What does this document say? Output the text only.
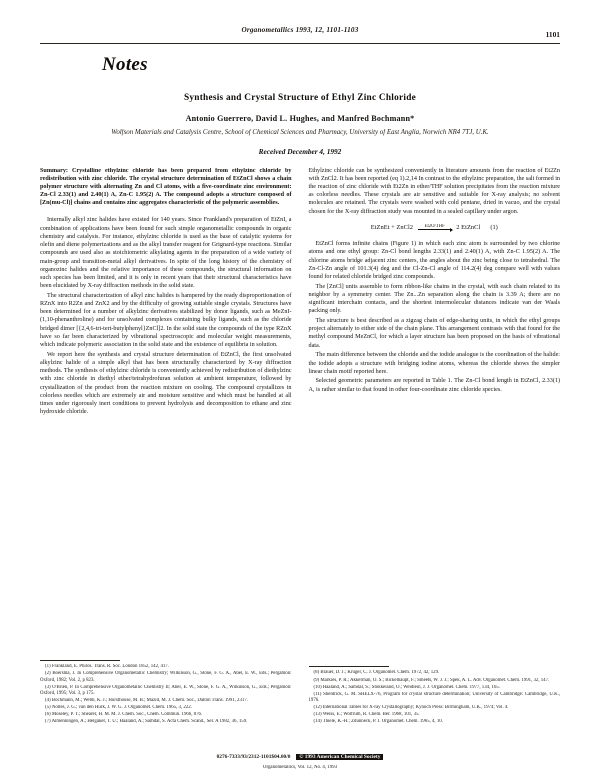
Organometallics 1993, 12, 1101-1103	1101
Notes
Synthesis and Crystal Structure of Ethyl Zinc Chloride
Antonio Guerrero, David L. Hughes, and Manfred Bochmann*
Wolfson Materials and Catalysis Centre, School of Chemical Sciences and Pharmacy, University of East Anglia, Norwich NR4 7TJ, U.K.
Received December 4, 1992
Summary: Crystalline ethylzinc chloride has been prepared from ethylzinc chloride by redistribution with zinc chloride. The crystal structure determination of EtZnCl shows a chain polymer structure with alternating Zn and Cl atoms, with a five-coordinate zinc environment: Zn-Cl 2.33(1) and 2.40(1) A, Zn-C 1.95(2) A. The compound adopts a structure composed of [Zn(mu-Cl)] chains and contains zinc aggregates characteristic of the polymeric assemblies.

Internally alkyl zinc halides have existed for 140 years. Since Frankland's preparation of EtZnI, a combination of applications have been found for such simple organometallic compounds in organic chemistry and catalysis. For instance, ethylzinc chloride is used as the base of catalytic systems for olefin and diene polymerizations and as the alkyl transfer reagent for Grignard-type reactions. Similar compounds are used also as stoichiometric alkylating agents in the preparation of a wide variety of main-group and transition-metal alkyl derivatives. In spite of the long history of the chemistry of organozinc halides and the relative importance of these compounds, the structural information on such species has been limited, and it is only in recent years that their structural characteristics have been elucidated by X-ray diffraction methods in the solid state.

The structural characterization of alkyl zinc halides is hampered by the ready disproportionation of RZnX into R2Zn and ZnX2 and by the difficulty of growing suitable single crystals. Structures have been determined for a number of alkylzinc derivatives stabilized by donor ligands, such as MeZnI-(1,10-phenanthroline) and for unsolvated complexes containing bulky ligands, such as the chloride bridged dimer [{2,4,6-tri-tert-butylphenyl}ZnCl]2. In the solid state the compounds of the type RZnX have so far been characterized by vibrational spectroscopic and molecular weight measurements, which indicate polymeric association in the solid state and the existence of equilibria in solution.

We report here the synthesis and crystal structure determination of EtZnCl, the first unsolvated alkylzinc halide of a simple alkyl that has been structurally characterized by X-ray diffraction methods. The synthesis of ethylzinc chloride is conveniently achieved by redistribution of diethylzinc with zinc chloride in diethyl ether/tetrahydrofuran solution at ambient temperature, followed by crystallization of the product from the reaction mixture on cooling. The compound crystallizes in colorless needles which are extremely air and moisture sensitive and which must be handled at all times under rigorously inert conditions to prevent hydrolysis and decomposition to ethane and zinc hydroxide chloride.

(1) Frankland, E. Philos. Trans. R. Soc. London 1852, 142, 417.

(2) Boersma, J. In Comprehensive Organometallic Chemistry; Wilkinson, G., Stone, F. G. A., Abel, E. W., Eds.; Pergamon: Oxford, 1982; Vol. 2, p 823.

(3) O'Brien, P. In Comprehensive Organometallic Chemistry II; Abel, E. W., Stone, F. G. A., Wilkinson, G., Eds.; Pergamon: Oxford, 1995; Vol. 3, p 175.

(4) Bochmann, M.; Webb, K. J.; Hursthouse, M. B.; Mazid, M. J. Chem. Soc., Dalton Trans. 1991, 2317.

(5) Noltes, J. G.; van den Hurk, J. W. G. J. Organomet. Chem. 1965, 3, 222.

(6) Moseley, P. T.; Shearer, H. M. M. J. Chem. Soc., Chem. Commun. 1966, 876.

(7) Almenningen, A.; Helgaker, T. U.; Haaland, A.; Samdal, S. Acta Chem. Scand., Ser. A 1982, 36, 159.

Ethylzinc chloride can be synthesized conveniently in literature amounts from the reaction of Et2Zn with ZnCl2. It has been reported (eq 1).2,14 In contrast to the ethylzinc preparation, the salt formed in the reaction of zinc chloride with Et2Zn in ether/THF solution precipitates from the reaction mixture as colorless needles. These crystals are air sensitive and suitable for X-ray analysis; no solvent molecules are retained. The crystals were washed with cold pentane, dried in vacuo, and the crystal chosen for the X-ray diffraction study was mounted in a sealed capillary under argon.

EtZnEt + ZnCl2	Et2O/THF	2 EtZnCl (1)

EtZnCl forms infinite chains (Figure 1) in which each zinc atom is surrounded by two chlorine atoms and one ethyl group: Zn-Cl bond lengths 2.33(1) and 2.40(1) A, with Zn-C 1.95(2) A. The chlorine atoms bridge adjacent zinc centers, the angles about the zinc being close to tetrahedral. The Zn-Cl-Zn angle of 101.3(4) deg and the Cl-Zn-Cl angle of 114.2(4) deg compare well with values found for related chloride bridged zinc compounds.

The [ZnCl] units assemble to form ribbon-like chains in the crystal, with each chain related to its neighbor by a symmetry center. The Zn...Zn separation along the chain is 3.39 A; there are no significant interchain contacts, and the shortest intermolecular distances indicate van der Waals packing only.

The structure is best described as a zigzag chain of edge-sharing units, in which the ethyl groups project alternately to either side of the chain plane. This arrangement contrasts with that found for the methyl compound MeZnCl, for which a layer structure has been proposed on the basis of vibrational data.

The main difference between the chloride and the iodide analogue is the coordination of the halide: the iodide adopts a structure with bridging iodine atoms, whereas the chloride shows the simpler linear chain motif reported here.

Selected geometric parameters are reported in Table 1. The Zn-Cl bond length in EtZnCl, 2.33(1) A, is rather similar to that found in other four-coordinate zinc chloride species.

(8) Brauer, D. J.; Kruger, C. J. Organomet. Chem. 1972, 42, 129.

(9) Markies, P. R.; Akkerman, O. S.; Bickelhaupt, F.; Smeets, W. J. J.; Spek, A. L. Adv. Organomet. Chem. 1991, 32, 147.

(10) Haaland, A.; Samdal, S.; Stokkeland, O.; Weidlein, J. J. Organomet. Chem. 1977, 134, 165.

(11) Sheldrick, G. M. SHELX-76, Program for crystal structure determination; University of Cambridge: Cambridge, U.K., 1976.

(12) International Tables for X-ray Crystallography; Kynoch Press: Birmingham, U.K., 1974; Vol. 4.

(13) Weiss, E.; Wolfrum, R. Chem. Ber. 1968, 101, 35.

(14) Thiele, K.-H.; Zdunneck, P. J. Organomet. Chem. 1965, 4, 10.

0276-7333/93/2312-1101$04.00/0	© 1993 American Chemical Society
Organometallics, Vol. 12, No. 4, 1993
